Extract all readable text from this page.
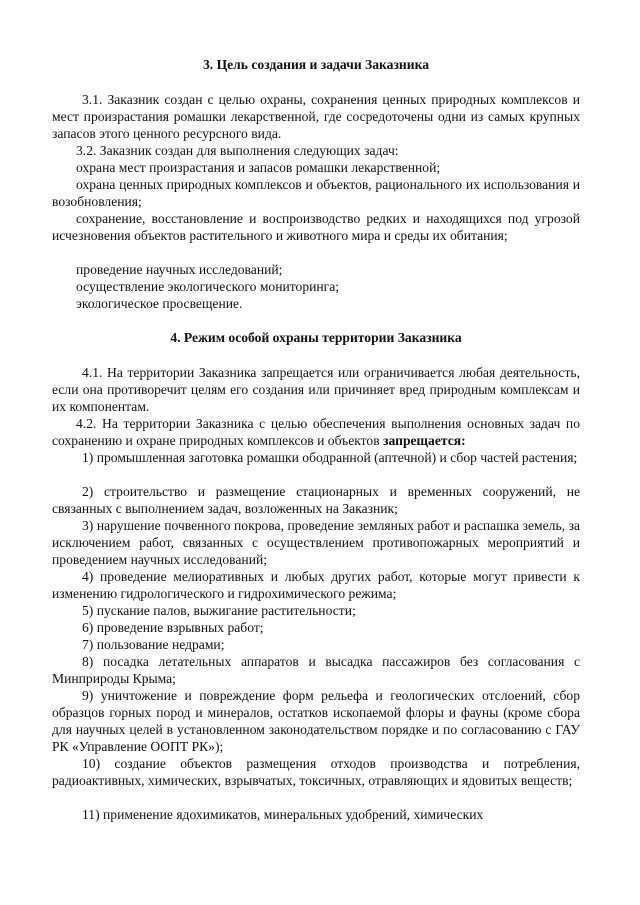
3. Цель создания и задачи Заказника

3.1. Заказник создан с целью охраны, сохранения ценных природных комплексов и мест произрастания ромашки лекарственной, где сосредоточены одни из самых крупных запасов этого ценного ресурсного вида.

3.2. Заказник создан для выполнения следующих задач:

охрана мест произрастания и запасов ромашки лекарственной;

охрана ценных природных комплексов и объектов, рационального их использования и возобновления;

сохранение, восстановление и воспроизводство редких и находящихся под угрозой исчезновения объектов растительного и животного мира и среды их обитания;

проведение научных исследований;

осуществление экологического мониторинга;

экологическое просвещение.

4. Режим особой охраны территории Заказника

4.1. На территории Заказника запрещается или ограничивается любая деятельность, если она противоречит целям его создания или причиняет вред природным комплексам и их компонентам.

4.2. На территории Заказника с целью обеспечения выполнения основных задач по сохранению и охране природных комплексов и объектов запрещается:

1) промышленная заготовка ромашки ободранной (аптечной) и сбор частей растения;

2) строительство и размещение стационарных и временных сооружений, не связанных с выполнением задач, возложенных на Заказник;

3) нарушение почвенного покрова, проведение земляных работ и распашка земель, за исключением работ, связанных с осуществлением противопожарных мероприятий и проведением научных исследований;

4) проведение мелиоративных и любых других работ, которые могут привести к изменению гидрологического и гидрохимического режима;

5) пускание палов, выжигание растительности;

6) проведение взрывных работ;

7) пользование недрами;

8) посадка летательных аппаратов и высадка пассажиров без согласования с Минприроды Крыма;

9) уничтожение и повреждение форм рельефа и геологических отслоений, сбор образцов горных пород и минералов, остатков ископаемой флоры и фауны (кроме сбора для научных целей в установленном законодательством порядке и по согласованию с ГАУ РК «Управление ООПТ РК»);

10) создание объектов размещения отходов производства и потребления, радиоактивных, химических, взрывчатых, токсичных, отравляющих и ядовитых веществ;

11) применение ядохимикатов, минеральных удобрений, химических
